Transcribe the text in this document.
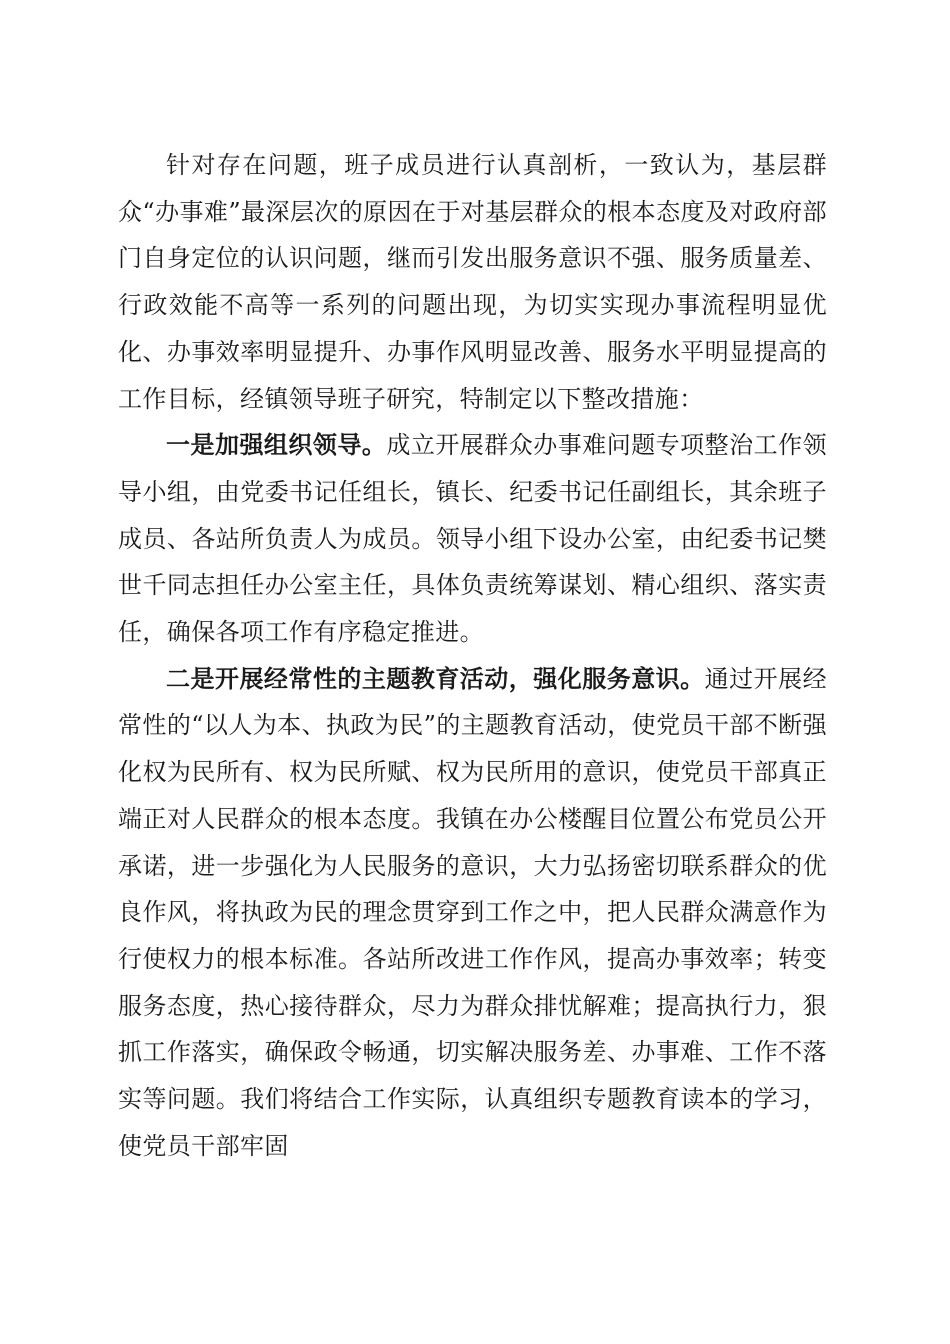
针对存在问题，班子成员进行认真剖析，一致认为，基层群众“办事难”最深层次的原因在于对基层群众的根本态度及对政府部门自身定位的认识问题，继而引发出服务意识不强、服务质量差、行政效能不高等一系列的问题出现，为切实实现办事流程明显优化、办事效率明显提升、办事作风明显改善、服务水平明显提高的工作目标，经镇领导班子研究，特制定以下整改措施：

一是加强组织领导。成立开展群众办事难问题专项整治工作领导小组，由党委书记任组长，镇长、纪委书记任副组长，其余班子成员、各站所负责人为成员。领导小组下设办公室，由纪委书记樊世千同志担任办公室主任，具体负责统筹谋划、精心组织、落实责任，确保各项工作有序稳定推进。

二是开展经常性的主题教育活动，强化服务意识。通过开展经常性的“以人为本、执政为民”的主题教育活动，使党员干部不断强化权为民所有、权为民所赋、权为民所用的意识，使党员干部真正端正对人民群众的根本态度。我镇在办公楼醒目位置公布党员公开承诺，进一步强化为人民服务的意识，大力弘扬密切联系群众的优良作风，将执政为民的理念贯穿到工作之中，把人民群众满意作为行使权力的根本标准。各站所改进工作作风，提高办事效率；转变服务态度，热心接待群众，尽力为群众排忧解难；提高执行力，狠抓工作落实，确保政令畅通，切实解决服务差、办事难、工作不落实等问题。我们将结合工作实际，认真组织专题教育读本的学习，使党员干部牢固
